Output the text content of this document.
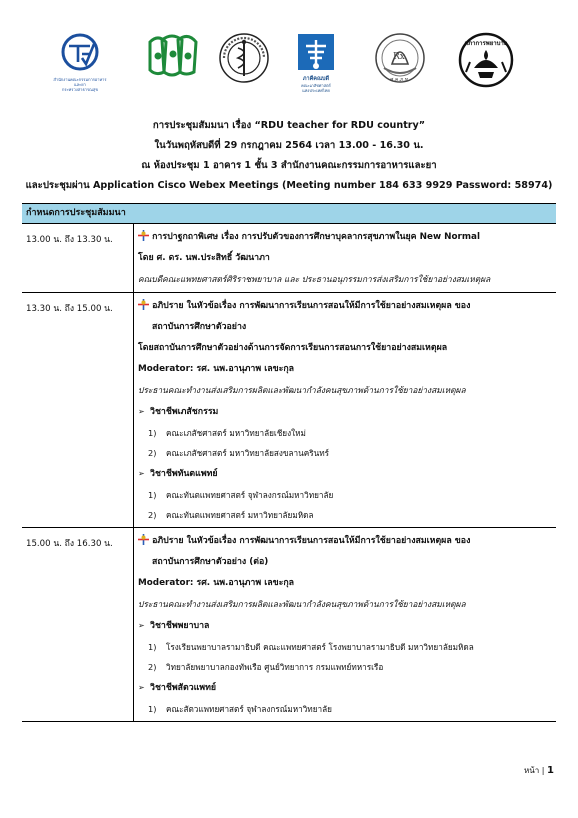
สำนักงานคณะกรรมการอาหารและยา
กระทรวงสาธารณสุข
ภาคีคณบดี
คณะเภสัชศาสตร์
แห่งประเทศไทย
Rx
ศ.ค.ภ.ท.
สภาการพยาบาล
การประชุมสัมมนา เรื่อง “RDU teacher for RDU country”
ในวันพฤหัสบดีที่ 29 กรกฎาคม 2564 เวลา 13.00 - 16.30 น.
ณ ห้องประชุม 1 อาคาร 1 ชั้น 3 สำนักงานคณะกรรมการอาหารและยา
และประชุมผ่าน Application Cisco Webex Meetings (Meeting number 184 633 9929 Password: 58974)
กำหนดการประชุมสัมมนา
13.00 น. ถึง 13.30 น.	การปาฐกถาพิเศษ เรื่อง การปรับตัวของการศึกษาบุคลากรสุขภาพในยุค New Normal
โดย ศ. ดร. นพ.ประสิทธิ์ วัฒนาภา
คณบดีคณะแพทยศาสตร์ศิริราชพยาบาล และ ประธานอนุกรรมการส่งเสริมการใช้ยาอย่างสมเหตุผล
13.30 น. ถึง 15.00 น.	อภิปราย ในหัวข้อเรื่อง การพัฒนาการเรียนการสอนให้มีการใช้ยาอย่างสมเหตุผล ของ
สถาบันการศึกษาตัวอย่าง
โดยสถาบันการศึกษาตัวอย่างด้านการจัดการเรียนการสอนการใช้ยาอย่างสมเหตุผล
Moderator: รศ. นพ.อานุภาพ เลขะกุล
ประธานคณะทำงานส่งเสริมการผลิตและพัฒนากำลังคนสุขภาพด้านการใช้ยาอย่างสมเหตุผล
➢ วิชาชีพเภสัชกรรม
1) คณะเภสัชศาสตร์ มหาวิทยาลัยเชียงใหม่
2) คณะเภสัชศาสตร์ มหาวิทยาลัยสงขลานครินทร์
➢ วิชาชีพทันตแพทย์
1) คณะทันตแพทยศาสตร์ จุฬาลงกรณ์มหาวิทยาลัย
2) คณะทันตแพทยศาสตร์ มหาวิทยาลัยมหิดล
15.00 น. ถึง 16.30 น.	อภิปราย ในหัวข้อเรื่อง การพัฒนาการเรียนการสอนให้มีการใช้ยาอย่างสมเหตุผล ของ
สถาบันการศึกษาตัวอย่าง (ต่อ)
Moderator: รศ. นพ.อานุภาพ เลขะกุล
ประธานคณะทำงานส่งเสริมการผลิตและพัฒนากำลังคนสุขภาพด้านการใช้ยาอย่างสมเหตุผล
➢ วิชาชีพพยาบาล
1) โรงเรียนพยาบาลรามาธิบดี คณะแพทยศาสตร์ โรงพยาบาลรามาธิบดี มหาวิทยาลัยมหิดล
2) วิทยาลัยพยาบาลกองทัพเรือ ศูนย์วิทยาการ กรมแพทย์ทหารเรือ
➢ วิชาชีพสัตวแพทย์
1) คณะสัตวแพทยศาสตร์ จุฬาลงกรณ์มหาวิทยาลัย
หน้า | 1
